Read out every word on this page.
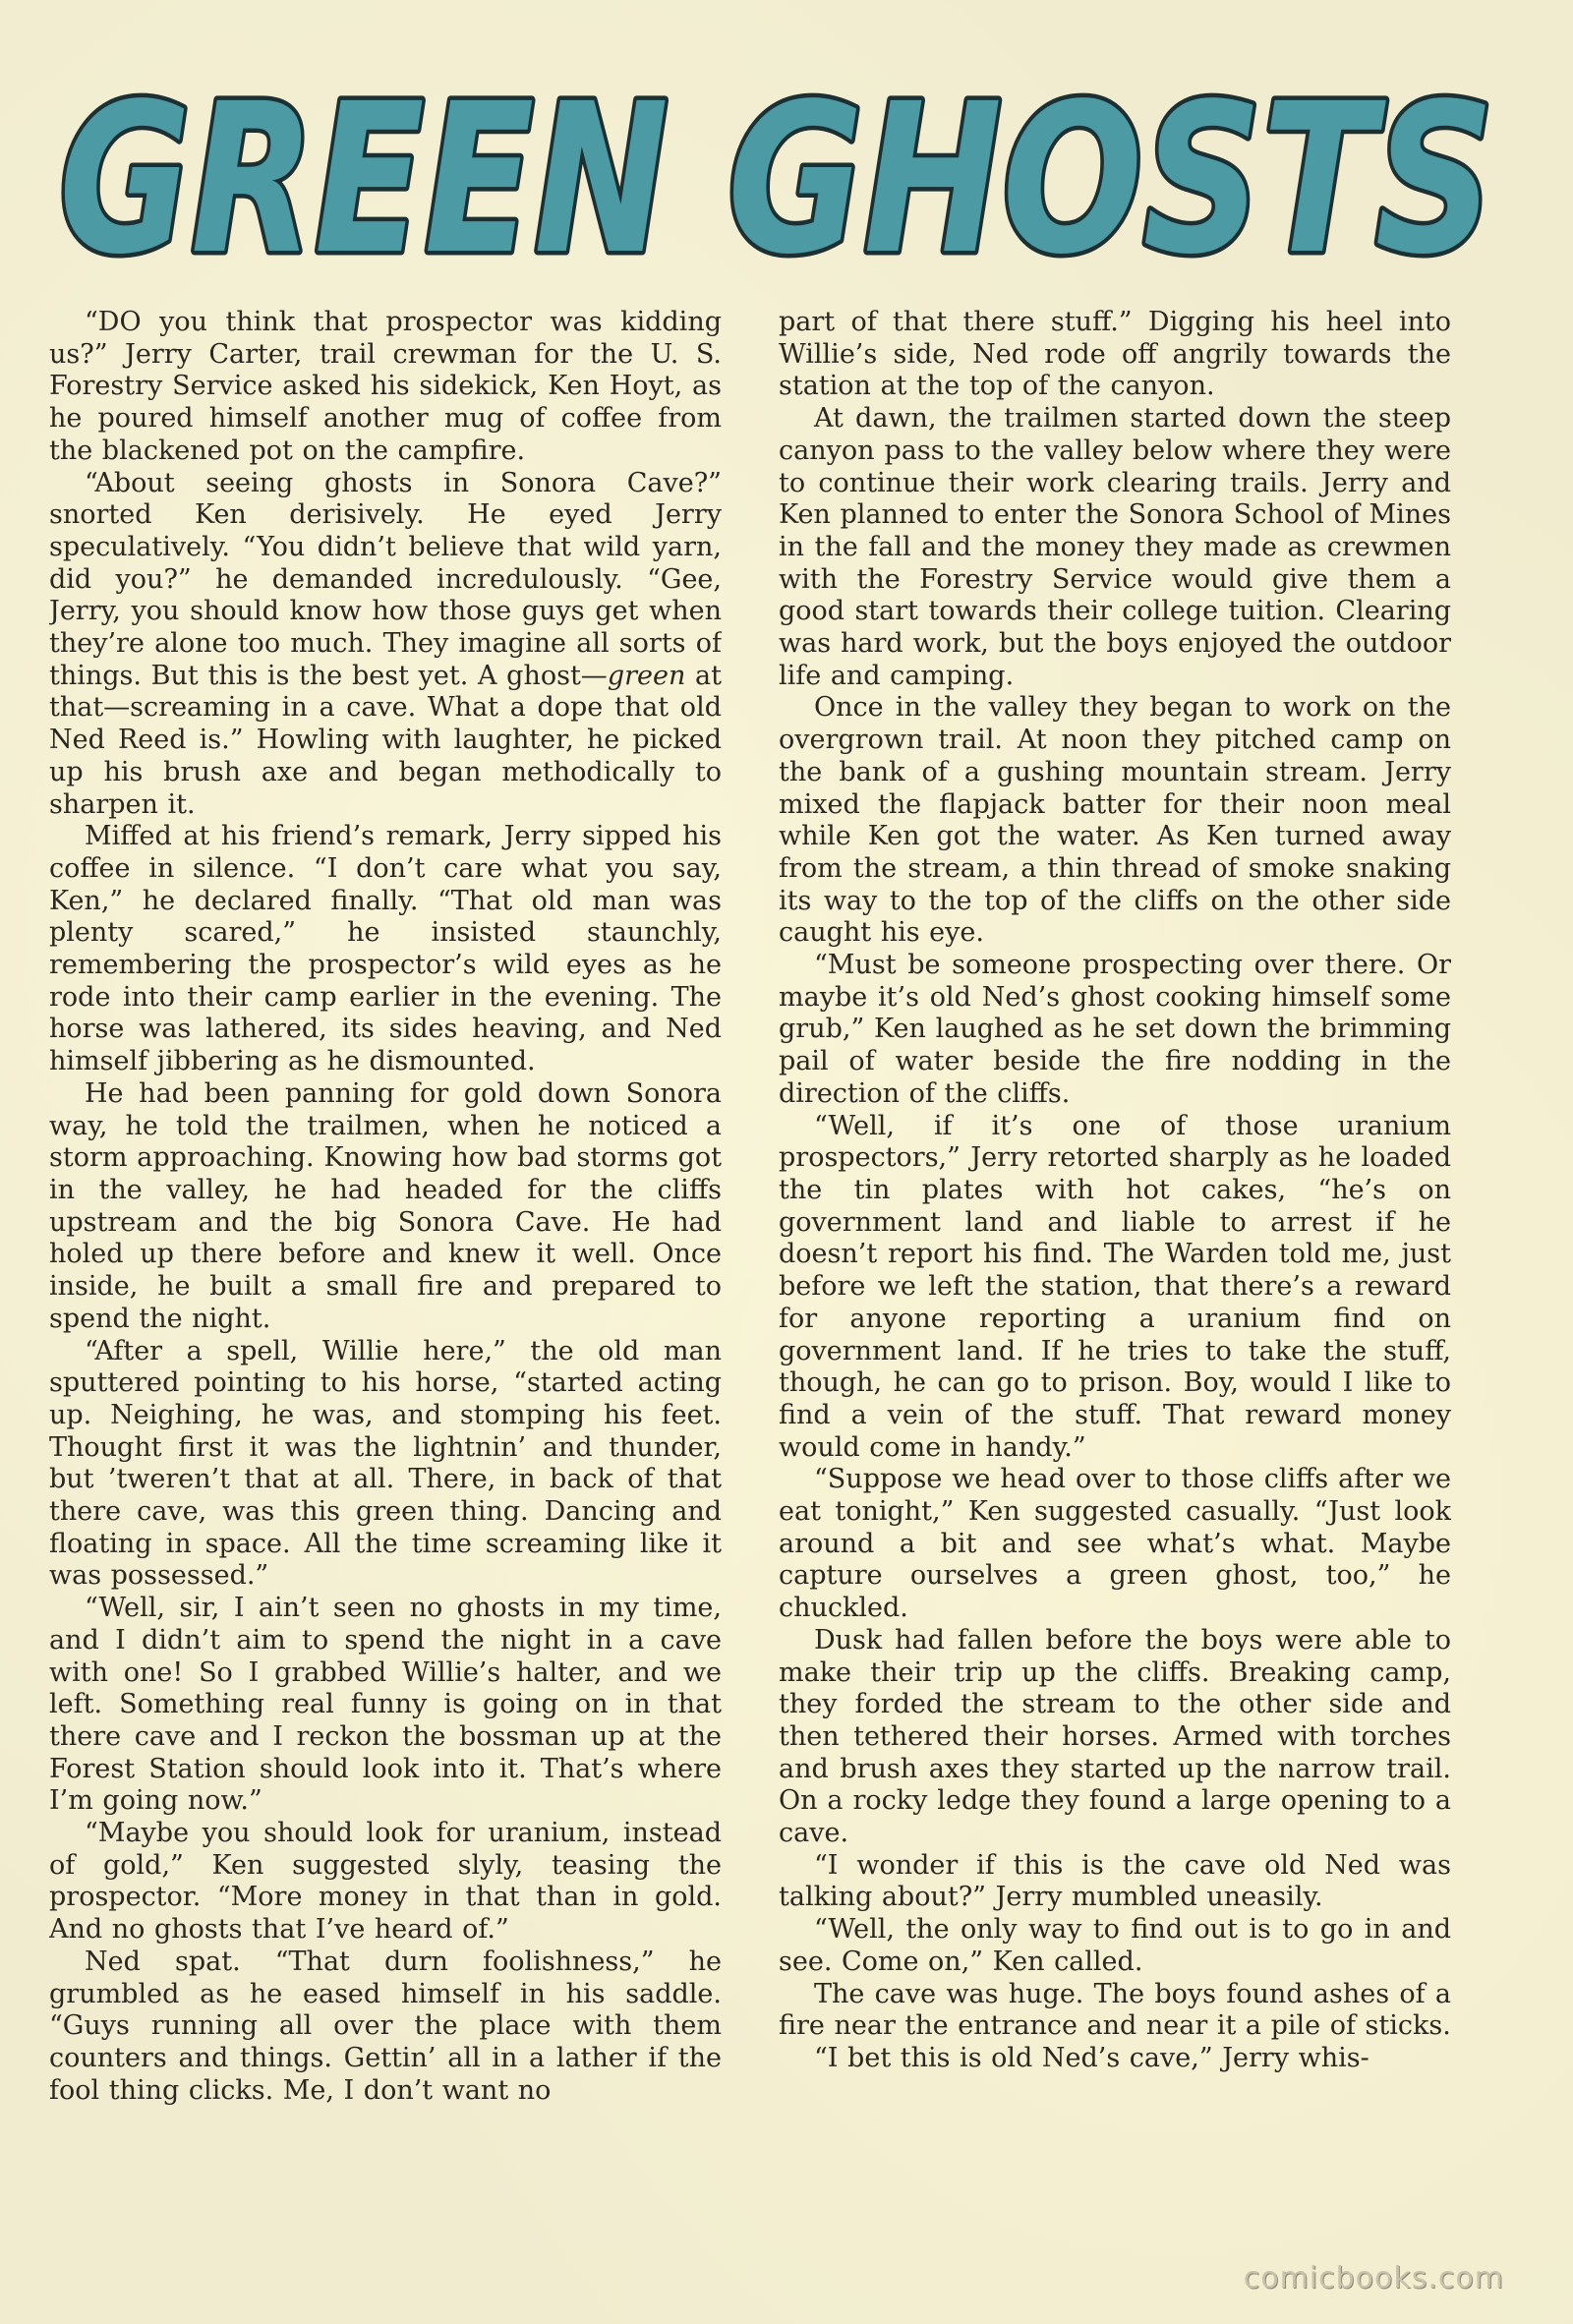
GREEN GHOSTS

“DO you think that prospector was kidding us?” Jerry Carter, trail crewman for the U. S. Forestry Service asked his sidekick, Ken Hoyt, as he poured himself another mug of coffee from the blackened pot on the campfire.

“About seeing ghosts in Sonora Cave?” snorted Ken derisively. He eyed Jerry speculatively. “You didn’t believe that wild yarn, did you?” he demanded incredulously. “Gee, Jerry, you should know how those guys get when they’re alone too much. They imagine all sorts of things. But this is the best yet. A ghost—green at that—screaming in a cave. What a dope that old Ned Reed is.” Howling with laughter, he picked up his brush axe and began methodically to sharpen it.

Miffed at his friend’s remark, Jerry sipped his coffee in silence. “I don’t care what you say, Ken,” he declared finally. “That old man was plenty scared,” he insisted staunchly, remembering the prospector’s wild eyes as he rode into their camp earlier in the evening. The horse was lathered, its sides heaving, and Ned himself jibbering as he dismounted.

He had been panning for gold down Sonora way, he told the trailmen, when he noticed a storm approaching. Knowing how bad storms got in the valley, he had headed for the cliffs upstream and the big Sonora Cave. He had holed up there before and knew it well. Once inside, he built a small fire and prepared to spend the night.

“After a spell, Willie here,” the old man sputtered pointing to his horse, “started acting up. Neighing, he was, and stomping his feet. Thought first it was the lightnin’ and thunder, but ’tweren’t that at all. There, in back of that there cave, was this green thing. Dancing and floating in space. All the time screaming like it was possessed.”

“Well, sir, I ain’t seen no ghosts in my time, and I didn’t aim to spend the night in a cave with one! So I grabbed Willie’s halter, and we left. Something real funny is going on in that there cave and I reckon the bossman up at the Forest Station should look into it. That’s where I’m going now.”

“Maybe you should look for uranium, instead of gold,” Ken suggested slyly, teasing the prospector. “More money in that than in gold. And no ghosts that I’ve heard of.”

Ned spat. “That durn foolishness,” he grumbled as he eased himself in his saddle. “Guys running all over the place with them counters and things. Gettin’ all in a lather if the fool thing clicks. Me, I don’t want no

part of that there stuff.” Digging his heel into Willie’s side, Ned rode off angrily towards the station at the top of the canyon.

At dawn, the trailmen started down the steep canyon pass to the valley below where they were to continue their work clearing trails. Jerry and Ken planned to enter the Sonora School of Mines in the fall and the money they made as crewmen with the Forestry Service would give them a good start towards their college tuition. Clearing was hard work, but the boys enjoyed the outdoor life and camping.

Once in the valley they began to work on the overgrown trail. At noon they pitched camp on the bank of a gushing mountain stream. Jerry mixed the flapjack batter for their noon meal while Ken got the water. As Ken turned away from the stream, a thin thread of smoke snaking its way to the top of the cliffs on the other side caught his eye.

“Must be someone prospecting over there. Or maybe it’s old Ned’s ghost cooking himself some grub,” Ken laughed as he set down the brimming pail of water beside the fire nodding in the direction of the cliffs.

“Well, if it’s one of those uranium prospectors,” Jerry retorted sharply as he loaded the tin plates with hot cakes, “he’s on government land and liable to arrest if he doesn’t report his find. The Warden told me, just before we left the station, that there’s a reward for anyone reporting a uranium find on government land. If he tries to take the stuff, though, he can go to prison. Boy, would I like to find a vein of the stuff. That reward money would come in handy.”

“Suppose we head over to those cliffs after we eat tonight,” Ken suggested casually. “Just look around a bit and see what’s what. Maybe capture ourselves a green ghost, too,” he chuckled.

Dusk had fallen before the boys were able to make their trip up the cliffs. Breaking camp, they forded the stream to the other side and then tethered their horses. Armed with torches and brush axes they started up the narrow trail. On a rocky ledge they found a large opening to a cave.

“I wonder if this is the cave old Ned was talking about?” Jerry mumbled uneasily.

“Well, the only way to find out is to go in and see. Come on,” Ken called.

The cave was huge. The boys found ashes of a fire near the entrance and near it a pile of sticks.

“I bet this is old Ned’s cave,” Jerry whis-

comicbooks.com
